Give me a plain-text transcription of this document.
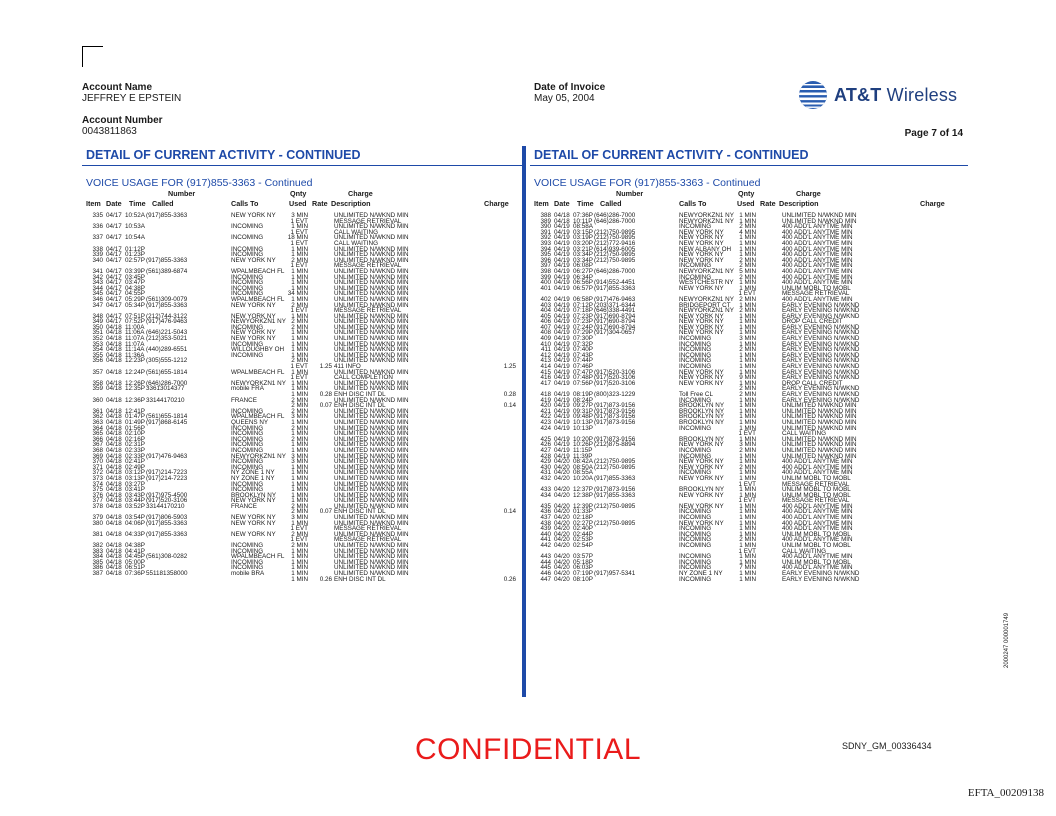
Account Name
JEFFREY E EPSTEIN
Account Number
0043811863
Date of Invoice
May 05, 2004	AT&T Wireless
Page 7 of 14
DETAIL OF CURRENT ACTIVITY - CONTINUED	DETAIL OF CURRENT ACTIVITY - CONTINUED
VOICE USAGE FOR (917)855-3363 - Continued	VOICE USAGE FOR (917)855-3363 - Continued
Number	Qnty	Charge
Item Date Time Called	Calls To	Used Rate Description	Charge
Number	Qnty	Charge
Item Date Time Called	Calls To	Used Rate Description	Charge
335 04/17 10:52A (917)855-3363	NEW YORK NY 3 MIN	UNLIMITED N/WKND MIN
1 EVT	MESSAGE RETRIEVAL
336 04/17 10:53A	INCOMING	1 MIN	UNLIMITED N/WKND MIN
1 EVT	CALL WAITING
337 04/17 10:54A	INCOMING	18 MIN	UNLIMITED N/WKND MIN
1 EVT	CALL WAITING
338 04/17 01:12P	INCOMING	1 MIN	UNLIMITED N/WKND MIN
339 04/17 01:23P	INCOMING	1 MIN	UNLIMITED N/WKND MIN
340 04/17 02:57P (917)855-3363	NEW YORK NY 2 MIN	UNLIMITED N/WKND MIN
1 EVT	MESSAGE RETRIEVAL
341 04/17 03:39P (561)389-6874	WPALMBEACH FL 1 MIN	UNLIMITED N/WKND MIN
342 04/17 03:45P	INCOMING	1 MIN	UNLIMITED N/WKND MIN
343 04/17 03:47P	INCOMING	1 MIN	UNLIMITED N/WKND MIN
344 04/17 04:38P	INCOMING	1 MIN	UNLIMITED N/WKND MIN
345 04/17 04:55P	INCOMING	34 MIN	UNLIMITED N/WKND MIN
346 04/17 05:29P (561)309-0079	WPALMBEACH FL 1 MIN	UNLIMITED N/WKND MIN
347 04/17 05:34P (917)855-3363	NEW YORK NY 2 MIN	UNLIMITED N/WKND MIN
1 EVT	MESSAGE RETRIEVAL
348 04/17 07:51P (212)744-3122	NEW YORK NY 1 MIN	UNLIMITED N/WKND MIN
349 04/17 07:52P (917)476-9463	NEWYORKZN1 NY 2 MIN	UNLIMITED N/WKND MIN
350 04/18 11:00A	INCOMING	2 MIN	UNLIMITED N/WKND MIN
351 04/18 11:06A (646)221-5043	NEW YORK NY 1 MIN	UNLIMITED N/WKND MIN
352 04/18 11:07A (212)353-5021	NEW YORK NY 1 MIN	UNLIMITED N/WKND MIN
353 04/18 11:07A	INCOMING	1 MIN	UNLIMITED N/WKND MIN
354 04/18 11:14A (440)289-6551	WILLOUGHBY OH 1 MIN	UNLIMITED N/WKND MIN
355 04/18 11:36A	INCOMING	1 MIN	UNLIMITED N/WKND MIN
356 04/18 12:23P (305)555-1212	2 MIN	UNLIMITED N/WKND MIN
1 EVT 1.25 411 INFO	1.25
357 04/18 12:24P (561)655-1814	WPALMBEACH FL 1 MIN	UNLIMITED N/WKND MIN
1 EVT	CALL COMPLETION
358 04/18 12:26P (646)286-7000	NEWYORKZN1 NY 1 MIN	UNLIMITED N/WKND MIN
359 04/18 12:35P 33613014377	mobile FRA	1 MIN	UNLIMITED N/WKND MIN
1 MIN 0.28 ENH DISC INT DL	0.28
360 04/18 12:36P 33144170210	FRANCE	2 MIN	UNLIMITED N/WKND MIN
2 MIN 0.07 ENH DISC INT DL	0.14
361 04/18 12:41P	INCOMING	2 MIN	UNLIMITED N/WKND MIN
362 04/18 01:47P (561)655-1814	WPALMBEACH FL 3 MIN	UNLIMITED N/WKND MIN
363 04/18 01:49P (917)868-6145	QUEENS NY	1 MIN	UNLIMITED N/WKND MIN
364 04/18 01:56P	INCOMING	2 MIN	UNLIMITED N/WKND MIN
365 04/18 02:10P	INCOMING	1 MIN	UNLIMITED N/WKND MIN
366 04/18 02:16P	INCOMING	2 MIN	UNLIMITED N/WKND MIN
367 04/18 02:31P	INCOMING	1 MIN	UNLIMITED N/WKND MIN
368 04/18 02:33P	INCOMING	1 MIN	UNLIMITED N/WKND MIN
369 04/18 02:33P (917)476-9463	NEWYORKZN1 NY 3 MIN	UNLIMITED N/WKND MIN
370 04/18 02:41P	INCOMING	3 MIN	UNLIMITED N/WKND MIN
371 04/18 02:49P	INCOMING	1 MIN	UNLIMITED N/WKND MIN
372 04/18 03:12P (917)214-7223	NY ZONE 1 NY	1 MIN	UNLIMITED N/WKND MIN
373 04/18 03:13P (917)214-7223	NY ZONE 1 NY	1 MIN	UNLIMITED N/WKND MIN
374 04/18 03:27P	INCOMING	1 MIN	UNLIMITED N/WKND MIN
375 04/18 03:41P	INCOMING	1 MIN	UNLIMITED N/WKND MIN
376 04/18 03:43P (917)975-4500	BROOKLYN NY 1 MIN	UNLIMITED N/WKND MIN
377 04/18 03:44P (917)520-3106	NEW YORK NY 1 MIN	UNLIMITED N/WKND MIN
378 04/18 03:52P 33144170210	FRANCE	2 MIN	UNLIMITED N/WKND MIN
2 MIN 0.07 ENH DISC INT DL	0.14
379 04/18 03:54P (917)806-5903	NEW YORK NY 3 MIN	UNLIMITED N/WKND MIN
380 04/18 04:06P (917)855-3363	NEW YORK NY 1 MIN	UNLIMITED N/WKND MIN
1 EVT	MESSAGE RETRIEVAL
381 04/18 04:33P (917)855-3363	NEW YORK NY 2 MIN	UNLIMITED N/WKND MIN
1 EVT	MESSAGE RETRIEVAL
382 04/18 04:38P	INCOMING	2 MIN	UNLIMITED N/WKND MIN
383 04/18 04:41P	INCOMING	1 MIN	UNLIMITED N/WKND MIN
384 04/18 04:45P (561)308-0282	WPALMBEACH FL 1 MIN	UNLIMITED N/WKND MIN
385 04/18 05:00P	INCOMING	1 MIN	UNLIMITED N/WKND MIN
386 04/18 06:51P	INCOMING	1 MIN	UNLIMITED N/WKND MIN
387 04/18 07:36P 551181358000	mobile BRA	1 MIN	UNLIMITED N/WKND MIN
1 MIN 0.26 ENH DISC INT DL	0.26
388 04/18 07:36P (646)286-7000	NEWYORKZN1 NY 1 MIN	UNLIMITED N/WKND MIN
389 04/18 10:11P (646)286-7000	NEWYORKZN1 NY 1 MIN	UNLIMITED N/WKND MIN
390 04/19 08:58A	INCOMING	2 MIN	400 ADD'L ANYTME MIN
391 04/19 03:15P (212)750-9895	NEW YORK NY 4 MIN	400 ADD'L ANYTME MIN
392 04/19 03:19P (212)750-9895	NEW YORK NY 1 MIN	400 ADD'L ANYTME MIN
393 04/19 03:20P (212)772-9416	NEW YORK NY 1 MIN	400 ADD'L ANYTME MIN
394 04/19 03:21P (614)939-6005	NEW ALBANY OH 1 MIN	400 ADD'L ANYTME MIN
395 04/19 03:34P (212)750-9895	NEW YORK NY 1 MIN	400 ADD'L ANYTME MIN
396 04/19 03:34P (212)750-9895	NEW YORK NY 2 MIN	400 ADD'L ANYTME MIN
397 04/19 06:08P	INCOMING	2 MIN	400 ADD'L ANYTME MIN
398 04/19 06:27P (646)286-7000	NEWYORKZN1 NY 5 MIN	400 ADD'L ANYTME MIN
399 04/19 06:34P	INCOMING	2 MIN	400 ADD'L ANYTME MIN
400 04/19 06:56P (914)552-4451	WESTCHESTR NY 1 MIN	400 ADD'L ANYTME MIN
401 04/19 06:57P (917)855-3363	NEW YORK NY 1 MIN	UNLIM MOBL TO MOBL
1 EVT	MESSAGE RETRIEVAL
402 04/19 06:58P (917)476-9463	NEWYORKZN1 NY 2 MIN	400 ADD'L ANYTME MIN
403 04/19 07:12P (203)371-6344	BRIDGEPORT CT 1 MIN	EARLY EVENING N/WKND
404 04/19 07:18P (646)338-4491	NEWYORKZN1 NY 2 MIN	EARLY EVENING N/WKND
405 04/19 07:23P (917)690-8794	NEW YORK NY 1 MIN	EARLY EVENING N/WKND
406 04/19 07:23P (917)690-8794	NEW YORK NY 1 MIN	DROP CALL CREDIT
407 04/19 07:24P (917)690-8794	NEW YORK NY 1 MIN	EARLY EVENING N/WKND
408 04/19 07:29P (917)304-0657	NEW YORK NY 1 MIN	EARLY EVENING N/WKND
409 04/19 07:30P	INCOMING	3 MIN	EARLY EVENING N/WKND
410 04/19 07:32P	INCOMING	1 MIN	EARLY EVENING N/WKND
411 04/19 07:40P	INCOMING	2 MIN	EARLY EVENING N/WKND
412 04/19 07:43P	INCOMING	1 MIN	EARLY EVENING N/WKND
413 04/19 07:44P	INCOMING	1 MIN	EARLY EVENING N/WKND
414 04/19 07:46P	INCOMING	1 MIN	EARLY EVENING N/WKND
415 04/19 07:47P (917)520-3106	NEW YORK NY 1 MIN	EARLY EVENING N/WKND
416 04/19 07:48P (917)520-3106	NEW YORK NY 9 MIN	EARLY EVENING N/WKND
417 04/19 07:56P (917)520-3106	NEW YORK NY 1 MIN	DROP CALL CREDIT
2 MIN	EARLY EVENING N/WKND
418 04/19 08:19P (800)323-1229	Toll Free CL	2 MIN	EARLY EVENING N/WKND
419 04/19 08:24P	INCOMING	1 MIN	EARLY EVENING N/WKND
420 04/19 09:27P (917)873-9156	BROOKLYN NY 1 MIN	UNLIMITED N/WKND MIN
421 04/19 09:31P (917)873-9156	BROOKLYN NY 1 MIN	UNLIMITED N/WKND MIN
422 04/19 09:48P (917)873-9156	BROOKLYN NY 1 MIN	UNLIMITED N/WKND MIN
423 04/19 10:13P (917)873-9156	BROOKLYN NY 1 MIN	UNLIMITED N/WKND MIN
424 04/19 10:13P	INCOMING	1 MIN	UNLIMITED N/WKND MIN
1 EVT	CALL WAITING
425 04/19 10:20P (917)873-9156	BROOKLYN NY 1 MIN	UNLIMITED N/WKND MIN
426 04/19 10:26P (212)875-8894	NEW YORK NY 3 MIN	UNLIMITED N/WKND MIN
427 04/19 11:15P	INCOMING	2 MIN	UNLIMITED N/WKND MIN
428 04/19 11:39P	INCOMING	1 MIN	UNLIMITED N/WKND MIN
429 04/20 08:42A (212)750-9895	NEW YORK NY 1 MIN	400 ADD'L ANYTME MIN
430 04/20 08:50A (212)750-9895	NEW YORK NY 2 MIN	400 ADD'L ANYTME MIN
431 04/20 08:55A	INCOMING	1 MIN	400 ADD'L ANYTME MIN
432 04/20 10:20A (917)855-3363	NEW YORK NY 1 MIN	UNLIM MOBL TO MOBL
1 EVT	MESSAGE RETRIEVAL
433 04/20 12:37P (917)873-9156	BROOKLYN NY 1 MIN	UNLIM MOBL TO MOBL
434 04/20 12:38P (917)855-3363	NEW YORK NY 1 MIN	UNLIM MOBL TO MOBL
1 EVT	MESSAGE RETRIEVAL
435 04/20 12:39P (212)750-9895	NEW YORK NY 1 MIN	400 ADD'L ANYTME MIN
436 04/20 01:33P	INCOMING	1 MIN	400 ADD'L ANYTME MIN
437 04/20 02:18P	INCOMING	1 MIN	400 ADD'L ANYTME MIN
438 04/20 02:27P (212)750-9895	NEW YORK NY 1 MIN	400 ADD'L ANYTME MIN
439 04/20 02:40P	INCOMING	1 MIN	400 ADD'L ANYTME MIN
440 04/20 02:44P	INCOMING	1 MIN	UNLIM MOBL TO MOBL
441 04/20 02:53P	INCOMING	2 MIN	400 ADD'L ANYTME MIN
442 04/20 02:54P	INCOMING	1 MIN	UNLIM MOBL TO MOBL
1 EVT	CALL WAITING
443 04/20 03:57P	INCOMING	1 MIN	400 ADD'L ANYTME MIN
444 04/20 05:18P	INCOMING	1 MIN	UNLIM MOBL TO MOBL
445 04/20 06:03P	INCOMING	7 MIN	400 ADD'L ANYTME MIN
446 04/20 07:19P (917)957-5341	NY ZONE 1 NY	1 MIN	EARLY EVENING N/WKND
447 04/20 08:10P	INCOMING	1 MIN	EARLY EVENING N/WKND
CONFIDENTIAL	SDNY_GM_00336434
EFTA_00209138
2000247 000001749
